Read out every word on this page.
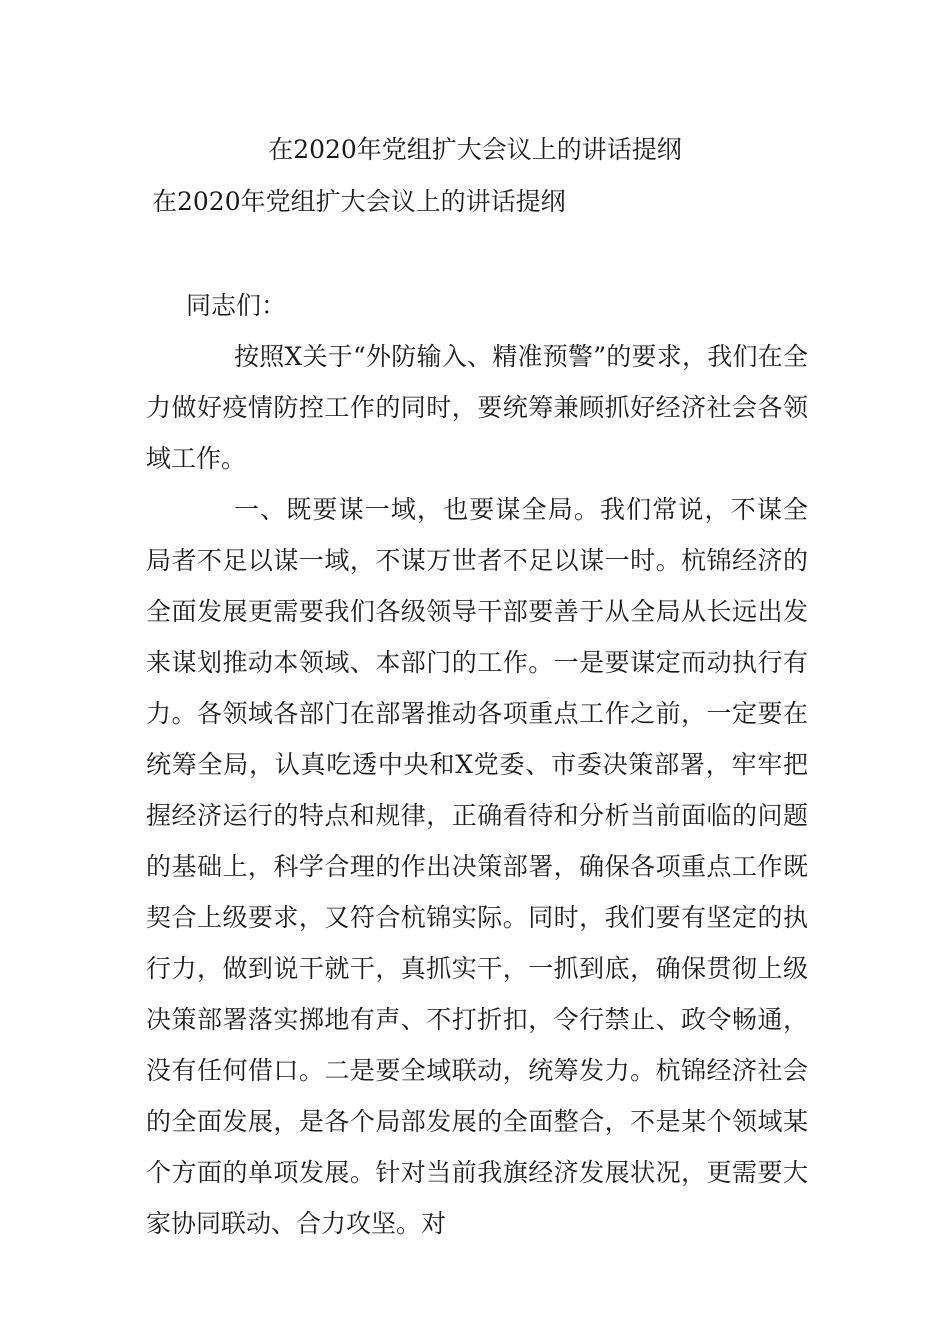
在2020年党组扩大会议上的讲话提纲
在2020年党组扩大会议上的讲话提纲

同志们：

按照X关于“外防输入、精准预警”的要求，我们在全力做好疫情防控工作的同时，要统筹兼顾抓好经济社会各领域工作。

一、既要谋一域，也要谋全局。我们常说，不谋全局者不足以谋一域，不谋万世者不足以谋一时。杭锦经济的全面发展更需要我们各级领导干部要善于从全局从长远出发来谋划推动本领域、本部门的工作。一是要谋定而动执行有力。各领域各部门在部署推动各项重点工作之前，一定要在统筹全局，认真吃透中央和X党委、市委决策部署，牢牢把握经济运行的特点和规律，正确看待和分析当前面临的问题的基础上，科学合理的作出决策部署，确保各项重点工作既契合上级要求，又符合杭锦实际。同时，我们要有坚定的执行力，做到说干就干，真抓实干，一抓到底，确保贯彻上级决策部署落实掷地有声、不打折扣，令行禁止、政令畅通，没有任何借口。二是要全域联动，统筹发力。杭锦经济社会的全面发展，是各个局部发展的全面整合，不是某个领域某个方面的单项发展。针对当前我旗经济发展状况，更需要大家协同联动、合力攻坚。对
